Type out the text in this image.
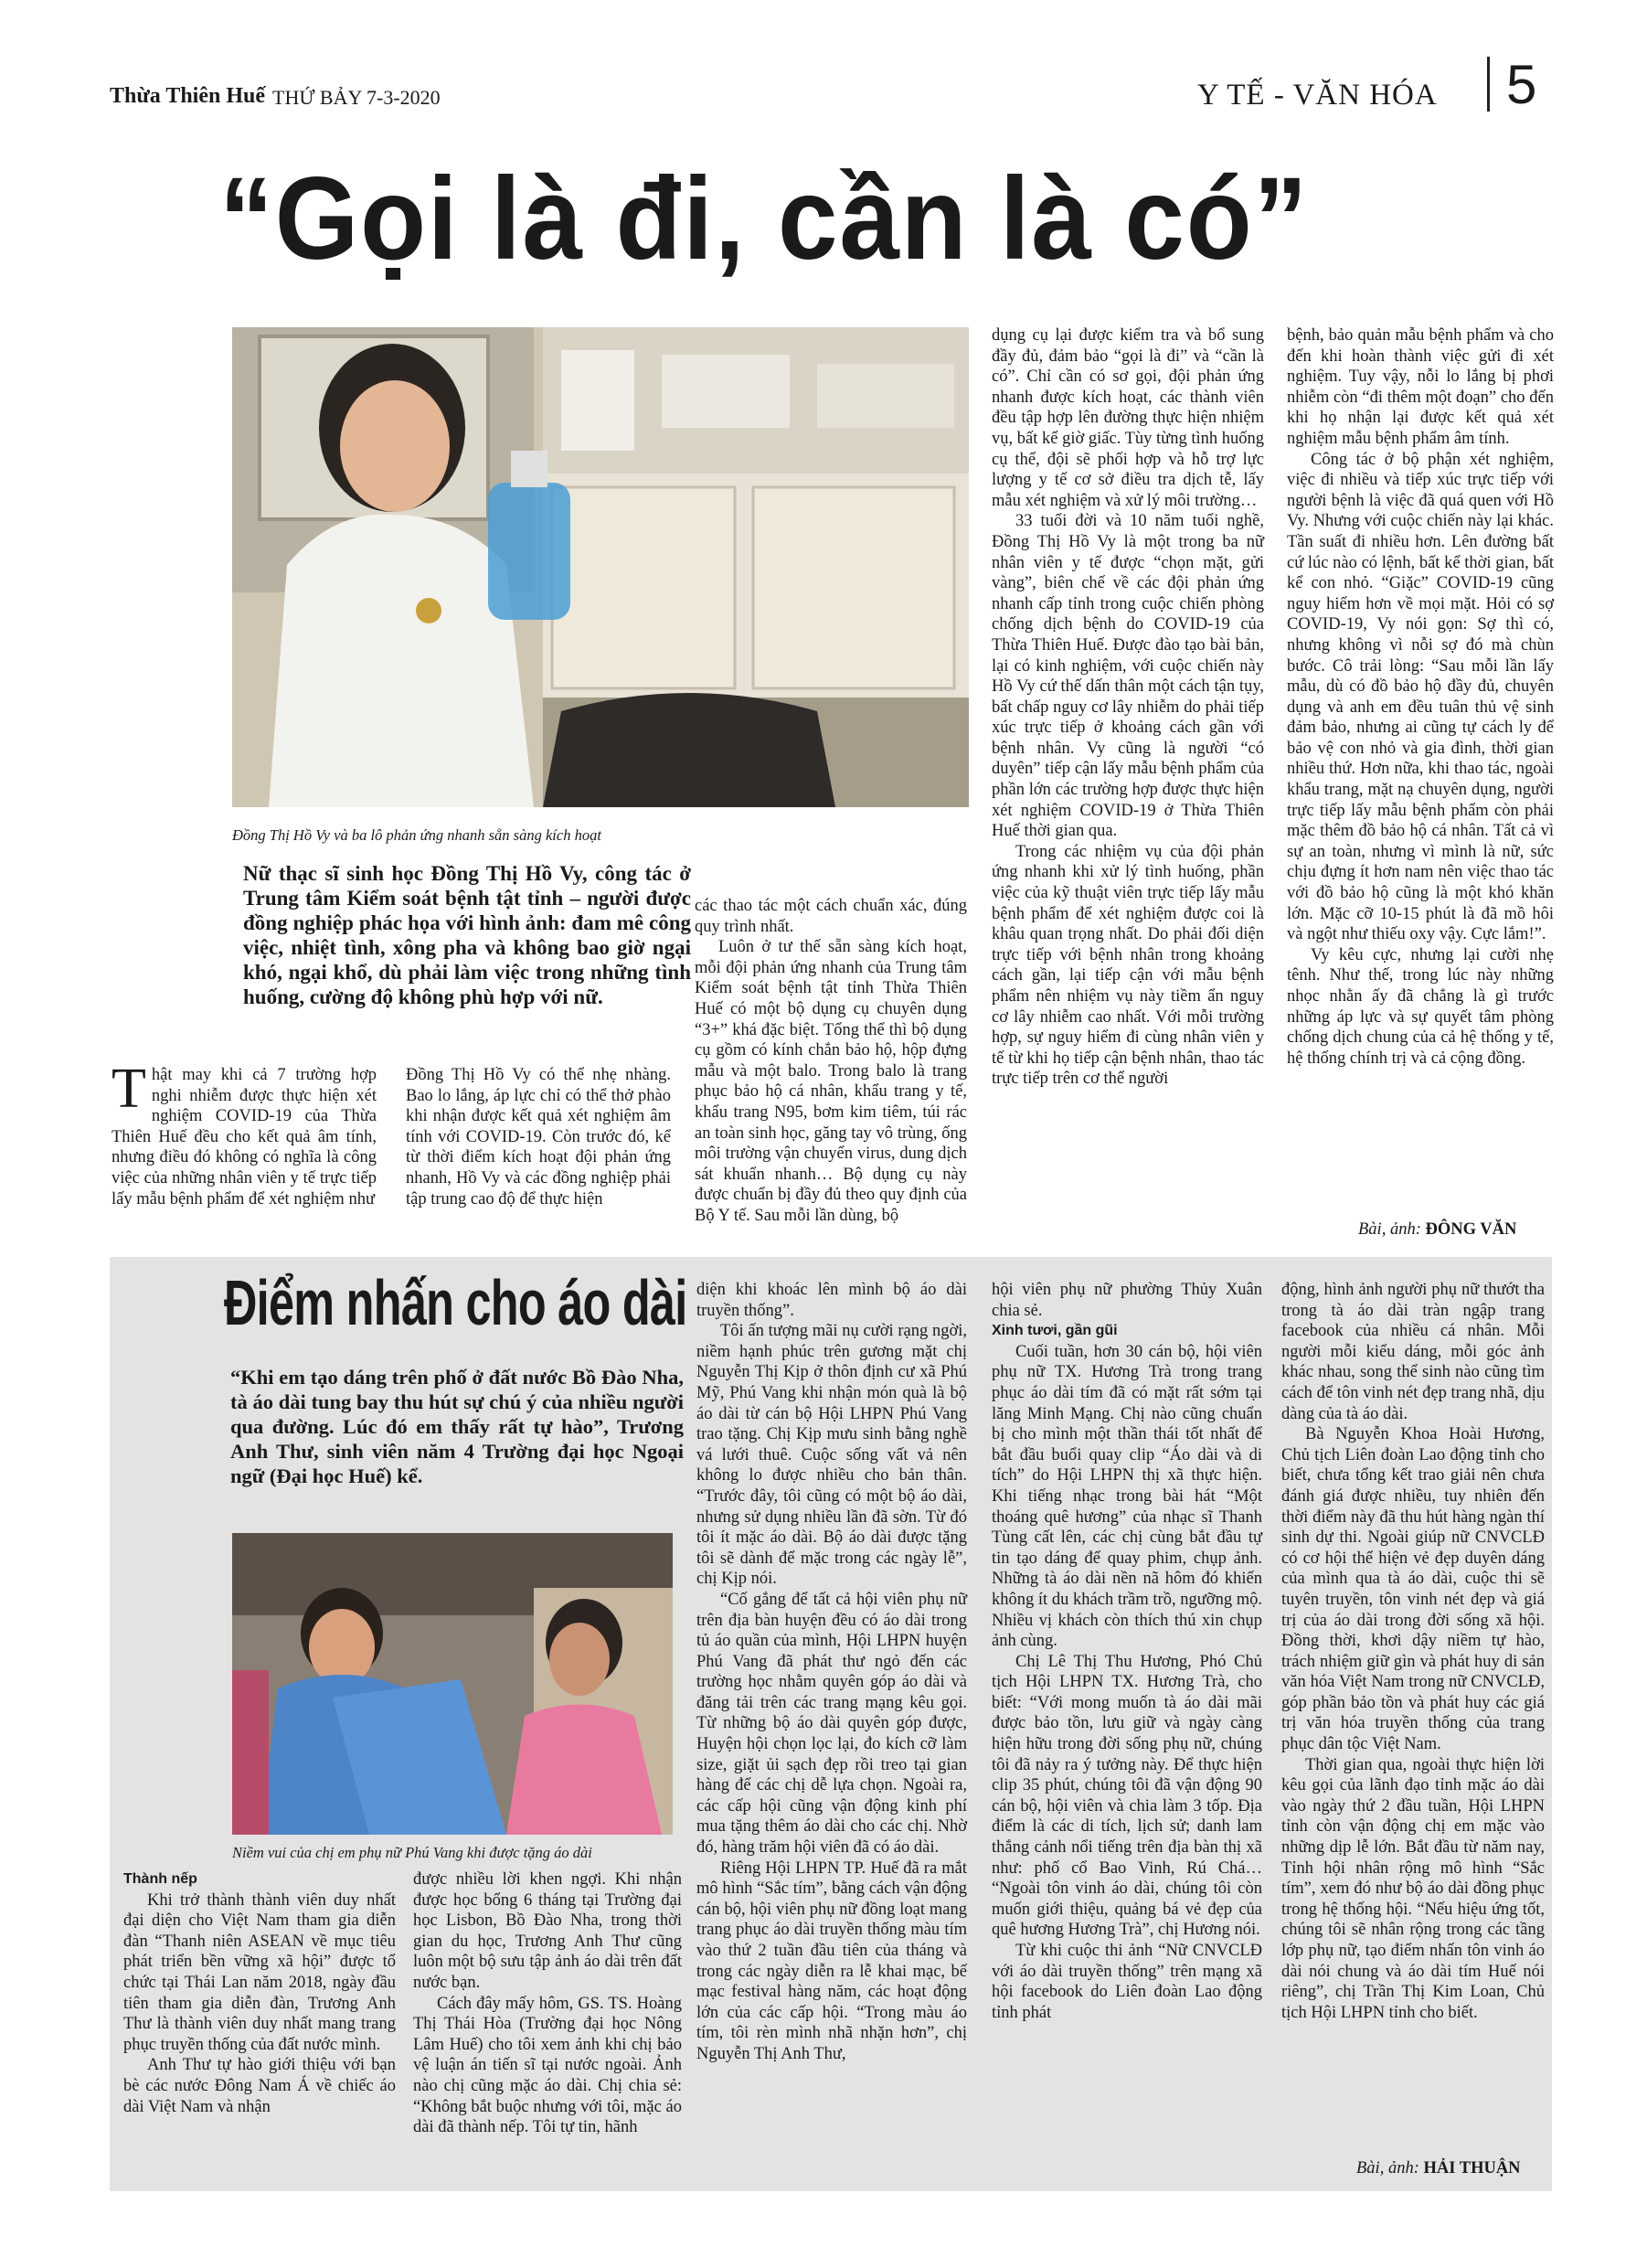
Thừa Thiên Huế THỨ BẢY 7-3-2020	Y TẾ - VĂN HÓA 5
“Gọi là đi, cần là có”
Đồng Thị Hồ Vy và ba lô phản ứng nhanh sẵn sàng kích hoạt
Nữ thạc sĩ sinh học Đồng Thị Hồ Vy, công tác ở Trung tâm Kiểm soát bệnh tật tỉnh – người được đồng nghiệp phác họa với hình ảnh: đam mê công việc, nhiệt tình, xông pha và không bao giờ ngại khó, ngại khổ, dù phải làm việc trong những tình huống, cường độ không phù hợp với nữ.

Thật may khi cả 7 trường hợp nghi nhiễm được thực hiện xét nghiệm COVID-19 của Thừa Thiên Huế đều cho kết quả âm tính, nhưng điều đó không có nghĩa là công việc của những nhân viên y tế trực tiếp lấy mẫu bệnh phẩm để xét nghiệm như

Đồng Thị Hồ Vy có thể nhẹ nhàng. Bao lo lắng, áp lực chỉ có thể thở phào khi nhận được kết quả xét nghiệm âm tính với COVID-19. Còn trước đó, kể từ thời điểm kích hoạt đội phản ứng nhanh, Hồ Vy và các đồng nghiệp phải tập trung cao độ để thực hiện

các thao tác một cách chuẩn xác, đúng quy trình nhất.

Luôn ở tư thế sẵn sàng kích hoạt, mỗi đội phản ứng nhanh của Trung tâm Kiểm soát bệnh tật tỉnh Thừa Thiên Huế có một bộ dụng cụ chuyên dụng “3+” khá đặc biệt. Tổng thể thì bộ dụng cụ gồm có kính chắn bảo hộ, hộp đựng mẫu và một balo. Trong balo là trang phục bảo hộ cá nhân, khẩu trang y tế, khẩu trang N95, bơm kim tiêm, túi rác an toàn sinh học, găng tay vô trùng, ống môi trường vận chuyển virus, dung dịch sát khuẩn nhanh… Bộ dụng cụ này được chuẩn bị đầy đủ theo quy định của Bộ Y tế. Sau mỗi lần dùng, bộ

dụng cụ lại được kiểm tra và bổ sung đầy đủ, đảm bảo “gọi là đi” và “cần là có”. Chỉ cần có sơ gọi, đội phản ứng nhanh được kích hoạt, các thành viên đều tập hợp lên đường thực hiện nhiệm vụ, bất kể giờ giấc. Tùy từng tình huống cụ thể, đội sẽ phối hợp và hỗ trợ lực lượng y tế cơ sở điều tra dịch tễ, lấy mẫu xét nghiệm và xử lý môi trường…

33 tuổi đời và 10 năm tuổi nghề, Đồng Thị Hồ Vy là một trong ba nữ nhân viên y tế được “chọn mặt, gửi vàng”, biên chế về các đội phản ứng nhanh cấp tỉnh trong cuộc chiến phòng chống dịch bệnh do COVID-19 của Thừa Thiên Huế. Được đào tạo bài bản, lại có kinh nghiệm, với cuộc chiến này Hồ Vy cứ thế dấn thân một cách tận tụy, bất chấp nguy cơ lây nhiễm do phải tiếp xúc trực tiếp ở khoảng cách gần với bệnh nhân. Vy cũng là người “có duyên” tiếp cận lấy mẫu bệnh phẩm của phần lớn các trường hợp được thực hiện xét nghiệm COVID-19 ở Thừa Thiên Huế thời gian qua.

Trong các nhiệm vụ của đội phản ứng nhanh khi xử lý tình huống, phần việc của kỹ thuật viên trực tiếp lấy mẫu bệnh phẩm để xét nghiệm được coi là khâu quan trọng nhất. Do phải đối diện trực tiếp với bệnh nhân trong khoảng cách gần, lại tiếp cận với mẫu bệnh phẩm nên nhiệm vụ này tiềm ẩn nguy cơ lây nhiễm cao nhất. Với mỗi trường hợp, sự nguy hiểm đi cùng nhân viên y tế từ khi họ tiếp cận bệnh nhân, thao tác trực tiếp trên cơ thể người

bệnh, bảo quản mẫu bệnh phẩm và cho đến khi hoàn thành việc gửi đi xét nghiệm. Tuy vậy, nỗi lo lắng bị phơi nhiễm còn “đi thêm một đoạn” cho đến khi họ nhận lại được kết quả xét nghiệm mẫu bệnh phẩm âm tính.

Công tác ở bộ phận xét nghiệm, việc đi nhiều và tiếp xúc trực tiếp với người bệnh là việc đã quá quen với Hồ Vy. Nhưng với cuộc chiến này lại khác. Tần suất đi nhiều hơn. Lên đường bất cứ lúc nào có lệnh, bất kể thời gian, bất kể con nhỏ. “Giặc” COVID-19 cũng nguy hiểm hơn về mọi mặt. Hỏi có sợ COVID-19, Vy nói gọn: Sợ thì có, nhưng không vì nỗi sợ đó mà chùn bước. Cô trải lòng: “Sau mỗi lần lấy mẫu, dù có đồ bảo hộ đầy đủ, chuyên dụng và anh em đều tuân thủ vệ sinh đảm bảo, nhưng ai cũng tự cách ly để bảo vệ con nhỏ và gia đình, thời gian nhiều thứ. Hơn nữa, khi thao tác, ngoài khẩu trang, mặt nạ chuyên dụng, người trực tiếp lấy mẫu bệnh phẩm còn phải mặc thêm đồ bảo hộ cá nhân. Tất cả vì sự an toàn, nhưng vì mình là nữ, sức chịu đựng ít hơn nam nên việc thao tác với đồ bảo hộ cũng là một khó khăn lớn. Mặc cỡ 10-15 phút là đã mồ hôi và ngột như thiếu oxy vậy. Cực lắm!”.

Vy kêu cực, nhưng lại cười nhẹ tênh. Như thế, trong lúc này những nhọc nhằn ấy đã chẳng là gì trước những áp lực và sự quyết tâm phòng chống dịch chung của cả hệ thống y tế, hệ thống chính trị và cả cộng đồng.

Bài, ảnh: ĐÔNG VĂN
Điểm nhấn cho áo dài
“Khi em tạo dáng trên phố ở đất nước Bồ Đào Nha, tà áo dài tung bay thu hút sự chú ý của nhiều người qua đường. Lúc đó em thấy rất tự hào”, Trương Anh Thư, sinh viên năm 4 Trường đại học Ngoại ngữ (Đại học Huế) kể.
Niềm vui của chị em phụ nữ Phú Vang khi được tặng áo dài

Thành nếp

Khi trở thành thành viên duy nhất đại diện cho Việt Nam tham gia diễn đàn “Thanh niên ASEAN về mục tiêu phát triển bền vững xã hội” được tổ chức tại Thái Lan năm 2018, ngày đầu tiên tham gia diễn đàn, Trương Anh Thư là thành viên duy nhất mang trang phục truyền thống của đất nước mình.

Anh Thư tự hào giới thiệu với bạn bè các nước Đông Nam Á về chiếc áo dài Việt Nam và nhận

được nhiều lời khen ngợi. Khi nhận được học bổng 6 tháng tại Trường đại học Lisbon, Bồ Đào Nha, trong thời gian du học, Trương Anh Thư cũng luôn một bộ sưu tập ảnh áo dài trên đất nước bạn.

Cách đây mấy hôm, GS. TS. Hoàng Thị Thái Hòa (Trường đại học Nông Lâm Huế) cho tôi xem ảnh khi chị bảo vệ luận án tiến sĩ tại nước ngoài. Ảnh nào chị cũng mặc áo dài. Chị chia sẻ: “Không bắt buộc nhưng với tôi, mặc áo dài đã thành nếp. Tôi tự tin, hãnh

diện khi khoác lên mình bộ áo dài truyền thống”.

Tôi ấn tượng mãi nụ cười rạng ngời, niềm hạnh phúc trên gương mặt chị Nguyễn Thị Kịp ở thôn định cư xã Phú Mỹ, Phú Vang khi nhận món quà là bộ áo dài từ cán bộ Hội LHPN Phú Vang trao tặng. Chị Kịp mưu sinh bằng nghề vá lưới thuê. Cuộc sống vất vả nên không lo được nhiều cho bản thân. “Trước đây, tôi cũng có một bộ áo dài, nhưng sử dụng nhiều lần đã sờn. Từ đó tôi ít mặc áo dài. Bộ áo dài được tặng tôi sẽ dành để mặc trong các ngày lễ”, chị Kịp nói.

“Cố gắng để tất cả hội viên phụ nữ trên địa bàn huyện đều có áo dài trong tủ áo quần của mình, Hội LHPN huyện Phú Vang đã phát thư ngỏ đến các trường học nhằm quyên góp áo dài và đăng tải trên các trang mạng kêu gọi. Từ những bộ áo dài quyên góp được, Huyện hội chọn lọc lại, đo kích cỡ làm size, giặt ủi sạch đẹp rồi treo tại gian hàng để các chị dễ lựa chọn. Ngoài ra, các cấp hội cũng vận động kinh phí mua tặng thêm áo dài cho các chị. Nhờ đó, hàng trăm hội viên đã có áo dài.

Riêng Hội LHPN TP. Huế đã ra mắt mô hình “Sắc tím”, bằng cách vận động cán bộ, hội viên phụ nữ đồng loạt mang trang phục áo dài truyền thống màu tím vào thứ 2 tuần đầu tiên của tháng và trong các ngày diễn ra lễ khai mạc, bế mạc festival hàng năm, các hoạt động lớn của các cấp hội. “Trong màu áo tím, tôi rèn mình nhã nhặn hơn”, chị Nguyễn Thị Anh Thư,

hội viên phụ nữ phường Thủy Xuân chia sẻ.

Xinh tươi, gần gũi

Cuối tuần, hơn 30 cán bộ, hội viên phụ nữ TX. Hương Trà trong trang phục áo dài tím đã có mặt rất sớm tại lăng Minh Mạng. Chị nào cũng chuẩn bị cho mình một thần thái tốt nhất để bắt đầu buổi quay clip “Áo dài và di tích” do Hội LHPN thị xã thực hiện. Khi tiếng nhạc trong bài hát “Một thoáng quê hương” của nhạc sĩ Thanh Tùng cất lên, các chị cùng bắt đầu tự tin tạo dáng để quay phim, chụp ảnh. Những tà áo dài nền nã hôm đó khiến không ít du khách trầm trồ, ngưỡng mộ. Nhiều vị khách còn thích thú xin chụp ảnh cùng.

Chị Lê Thị Thu Hương, Phó Chủ tịch Hội LHPN TX. Hương Trà, cho biết: “Với mong muốn tà áo dài mãi được bảo tồn, lưu giữ và ngày càng hiện hữu trong đời sống phụ nữ, chúng tôi đã nảy ra ý tưởng này. Để thực hiện clip 35 phút, chúng tôi đã vận động 90 cán bộ, hội viên và chia làm 3 tốp. Địa điểm là các di tích, lịch sử; danh lam thắng cảnh nổi tiếng trên địa bàn thị xã như: phố cổ Bao Vinh, Rú Chá… “Ngoài tôn vinh áo dài, chúng tôi còn muốn giới thiệu, quảng bá vẻ đẹp của quê hương Hương Trà”, chị Hương nói.

Từ khi cuộc thi ảnh “Nữ CNVCLĐ với áo dài truyền thống” trên mạng xã hội facebook do Liên đoàn Lao động tỉnh phát

động, hình ảnh người phụ nữ thướt tha trong tà áo dài tràn ngập trang facebook của nhiều cá nhân. Mỗi người mỗi kiểu dáng, mỗi góc ảnh khác nhau, song thể sinh nào cũng tìm cách để tôn vinh nét đẹp trang nhã, dịu dàng của tà áo dài.

Bà Nguyễn Khoa Hoài Hương, Chủ tịch Liên đoàn Lao động tỉnh cho biết, chưa tổng kết trao giải nên chưa đánh giá được nhiều, tuy nhiên đến thời điểm này đã thu hút hàng ngàn thí sinh dự thi. Ngoài giúp nữ CNVCLĐ có cơ hội thể hiện vẻ đẹp duyên dáng của mình qua tà áo dài, cuộc thi sẽ tuyên truyền, tôn vinh nét đẹp và giá trị của áo dài trong đời sống xã hội. Đồng thời, khơi dậy niềm tự hào, trách nhiệm giữ gìn và phát huy di sản văn hóa Việt Nam trong nữ CNVCLĐ, góp phần bảo tồn và phát huy các giá trị văn hóa truyền thống của trang phục dân tộc Việt Nam.

Thời gian qua, ngoài thực hiện lời kêu gọi của lãnh đạo tỉnh mặc áo dài vào ngày thứ 2 đầu tuần, Hội LHPN tỉnh còn vận động chị em mặc vào những dịp lễ lớn. Bắt đầu từ năm nay, Tỉnh hội nhân rộng mô hình “Sắc tím”, xem đó như bộ áo dài đồng phục trong hệ thống hội. “Nếu hiệu ứng tốt, chúng tôi sẽ nhân rộng trong các tầng lớp phụ nữ, tạo điểm nhấn tôn vinh áo dài nói chung và áo dài tím Huế nói riêng”, chị Trần Thị Kim Loan, Chủ tịch Hội LHPN tỉnh cho biết.

Bài, ảnh: HẢI THUẬN
